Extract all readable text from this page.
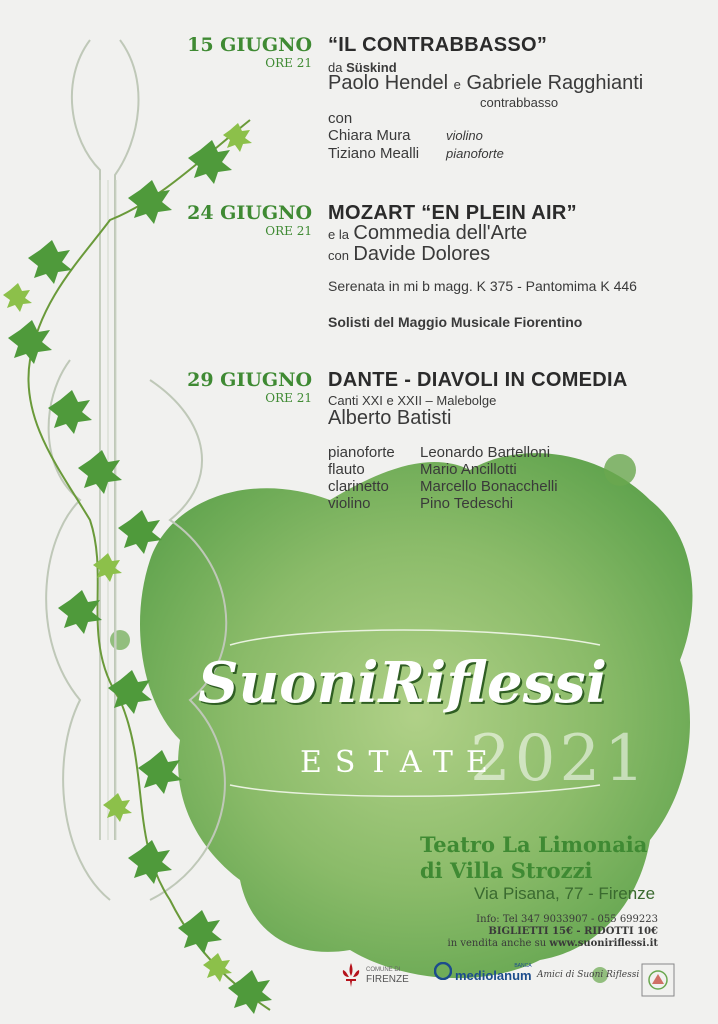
15 GIUGNO
ORE 21
“IL CONTRABBASSO”
da Süskind
Paolo Hendel e Gabriele Ragghianti
contrabbasso
con
Chiara Mura	violino
Tiziano Mealli pianoforte
24 GIUGNO
ORE 21
MOZART “EN PLEIN AIR”
e la Commedia dell'Arte
con Davide Dolores
Serenata in mi b magg. K 375 - Pantomima K 446
Solisti del Maggio Musicale Fiorentino
29 GIUGNO
ORE 21
DANTE - DIAVOLI IN COMEDIA
Canti XXI e XXII – Malebolge
Alberto Batisti
pianoforte Leonardo Bartelloni
flauto	Mario Ancillotti
clarinetto Marcello Bonacchelli
violino	Pino Tedeschi
SuoniRiflessi
ESTATE
2021
Teatro La Limonaia
di Villa Strozzi
Via Pisana, 77 - Firenze
Info: Tel 347 9033907 - 055 699223
BIGLIETTI 15€ - RIDOTTI 10€
in vendita anche su www.suoniriflessi.it
COMUNE DI
FIRENZE
BANCA
mediolanum Amici di Suoni Riflessi
